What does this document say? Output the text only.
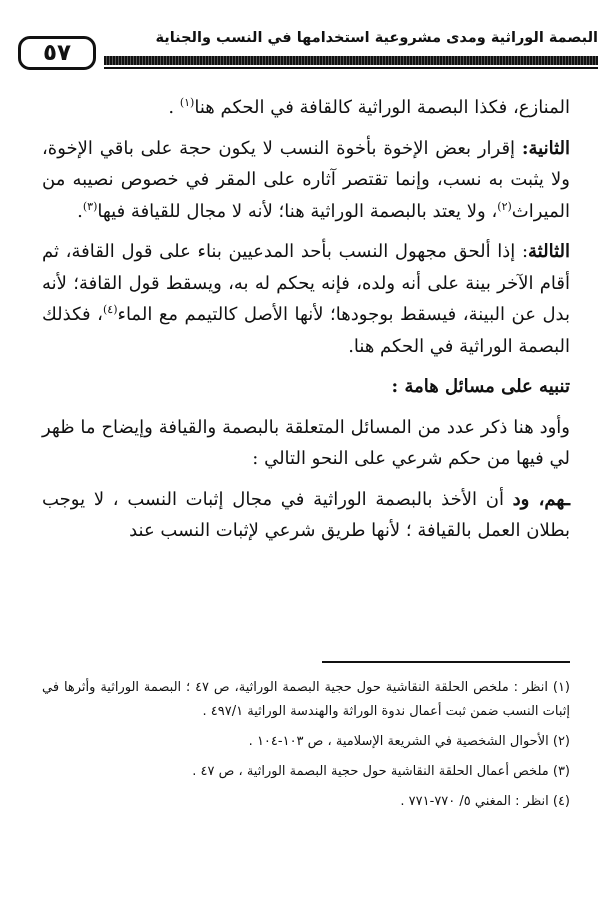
البصمة الوراثية ومدى مشروعية استخدامها في النسب والجناية
٥٧

المنازع، فكذا البصمة الوراثية كالقافة في الحكم هنا$^{(١)}$ .

الثانية: إقرار بعض الإخوة بأخوة النسب لا يكون حجة على باقي الإخوة، ولا يثبت به نسب، وإنما تقتصر آثاره على المقر في خصوص نصيبه من الميراث$^{(٢)}$، ولا يعتد بالبصمة الوراثية هنا؛ لأنه لا مجال للقيافة فيها$^{(٣)}$.

الثالثة: إذا ألحق مجهول النسب بأحد المدعيين بناء على قول القافة، ثم أقام الآخر بينة على أنه ولده، فإنه يحكم له به، ويسقط قول القافة؛ لأنه بدل عن البينة، فيسقط بوجودها؛ لأنها الأصل كالتيمم مع الماء$^{(٤)}$، فكذلك البصمة الوراثية في الحكم هنا.

تنبيه على مسائل هامة :

وأود هنا ذكر عدد من المسائل المتعلقة بالبصمة والقيافة وإيضاح ما ظهر لي فيها من حكم شرعي على النحو التالي :

ـهم، ود أن الأخذ بالبصمة الوراثية في مجال إثبات النسب ، لا يوجب بطلان العمل بالقيافة ؛ لأنها طريق شرعي لإثبات النسب عند

(١) انظر : ملخص الحلقة النقاشية حول حجية البصمة الوراثية، ص ٤٧ ؛ البصمة الوراثية وأثرها في إثبات النسب ضمن ثبت أعمال ندوة الوراثة والهندسة الوراثية ٤٩٧/١ .

(٢) الأحوال الشخصية في الشريعة الإسلامية ، ص ١٠٣-١٠٤ .

(٣) ملخص أعمال الحلقة النقاشية حول حجية البصمة الوراثية ، ص ٤٧ .

(٤) انظر : المغني ٥/ ٧٧٠-٧٧١ .
